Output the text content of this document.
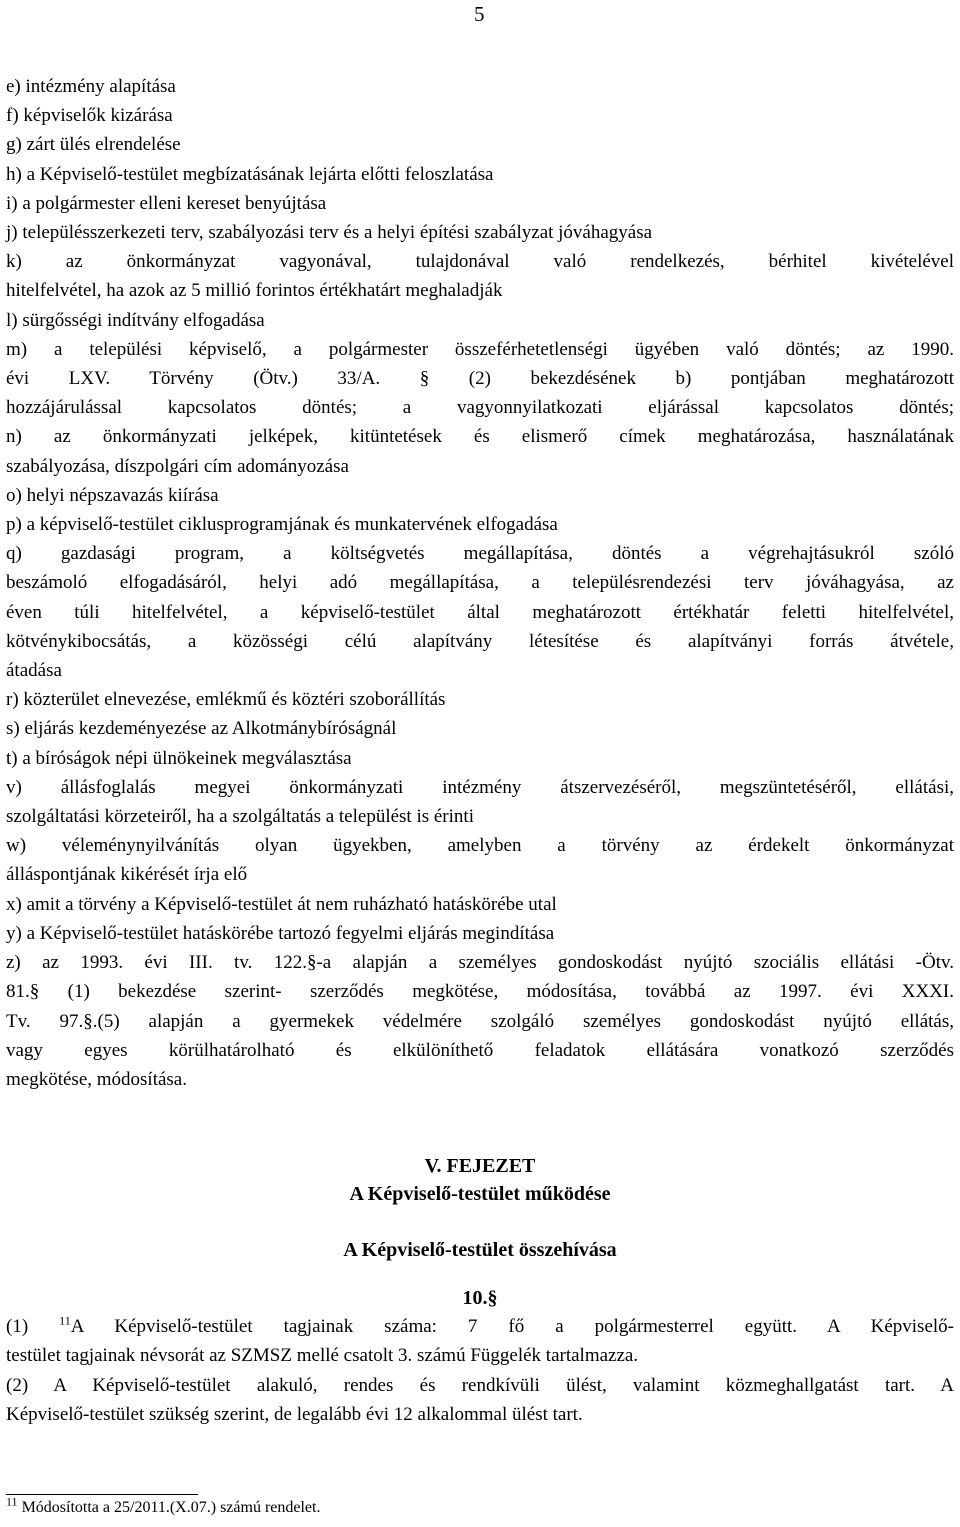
5
e) intézmény alapítása
f) képviselők kizárása
g) zárt ülés elrendelése
h) a Képviselő-testület megbízatásának lejárta előtti feloszlatása
i) a polgármester elleni kereset benyújtása
j) településszerkezeti terv, szabályozási terv és a helyi építési szabályzat jóváhagyása
k) az önkormányzat vagyonával, tulajdonával való rendelkezés, bérhitel kivételével
hitelfelvétel, ha azok az 5 millió forintos értékhatárt meghaladják
l) sürgősségi indítvány elfogadása
m) a települési képviselő, a polgármester összeférhetetlenségi ügyében való döntés; az 1990.
évi LXV. Törvény (Ötv.) 33/A. § (2) bekezdésének b) pontjában meghatározott
hozzájárulással kapcsolatos döntés; a vagyonnyilatkozati eljárással kapcsolatos döntés;
n) az önkormányzati jelképek, kitüntetések és elismerő címek meghatározása, használatának
szabályozása, díszpolgári cím adományozása
o) helyi népszavazás kiírása
p) a képviselő-testület ciklusprogramjának és munkatervének elfogadása
q) gazdasági program, a költségvetés megállapítása, döntés a végrehajtásukról szóló
beszámoló elfogadásáról, helyi adó megállapítása, a településrendezési terv jóváhagyása, az
éven túli hitelfelvétel, a képviselő-testület által meghatározott értékhatár feletti hitelfelvétel,
kötvénykibocsátás, a közösségi célú alapítvány létesítése és alapítványi forrás átvétele,
átadása
r) közterület elnevezése, emlékmű és köztéri szoborállítás
s) eljárás kezdeményezése az Alkotmánybíróságnál
t) a bíróságok népi ülnökeinek megválasztása
v) állásfoglalás megyei önkormányzati intézmény átszervezéséről, megszüntetéséről, ellátási,
szolgáltatási körzeteiről, ha a szolgáltatás a települést is érinti
w) véleménynyilvánítás olyan ügyekben, amelyben a törvény az érdekelt önkormányzat
álláspontjának kikérését írja elő
x) amit a törvény a Képviselő-testület át nem ruházható hatáskörébe utal
y) a Képviselő-testület hatáskörébe tartozó fegyelmi eljárás megindítása
z) az 1993. évi III. tv. 122.§-a alapján a személyes gondoskodást nyújtó szociális ellátási -Ötv.
81.§ (1) bekezdése szerint- szerződés megkötése, módosítása, továbbá az 1997. évi XXXI.
Tv. 97.§.(5) alapján a gyermekek védelmére szolgáló személyes gondoskodást nyújtó ellátás,
vagy egyes körülhatárolható és elkülöníthető feladatok ellátására vonatkozó szerződés
megkötése, módosítása.
V. FEJEZET
A Képviselő-testület működése
A Képviselő-testület összehívása
10.§
(1) $^{11}$A Képviselő-testület tagjainak száma: 7 fő a polgármesterrel együtt. A Képviselő-
testület tagjainak névsorát az SZMSZ mellé csatolt 3. számú Függelék tartalmazza.
(2) A Képviselő-testület alakuló, rendes és rendkívüli ülést, valamint közmeghallgatást tart. A
Képviselő-testület szükség szerint, de legalább évi 12 alkalommal ülést tart.
$^{11}$ Módosította a 25/2011.(X.07.) számú rendelet.
